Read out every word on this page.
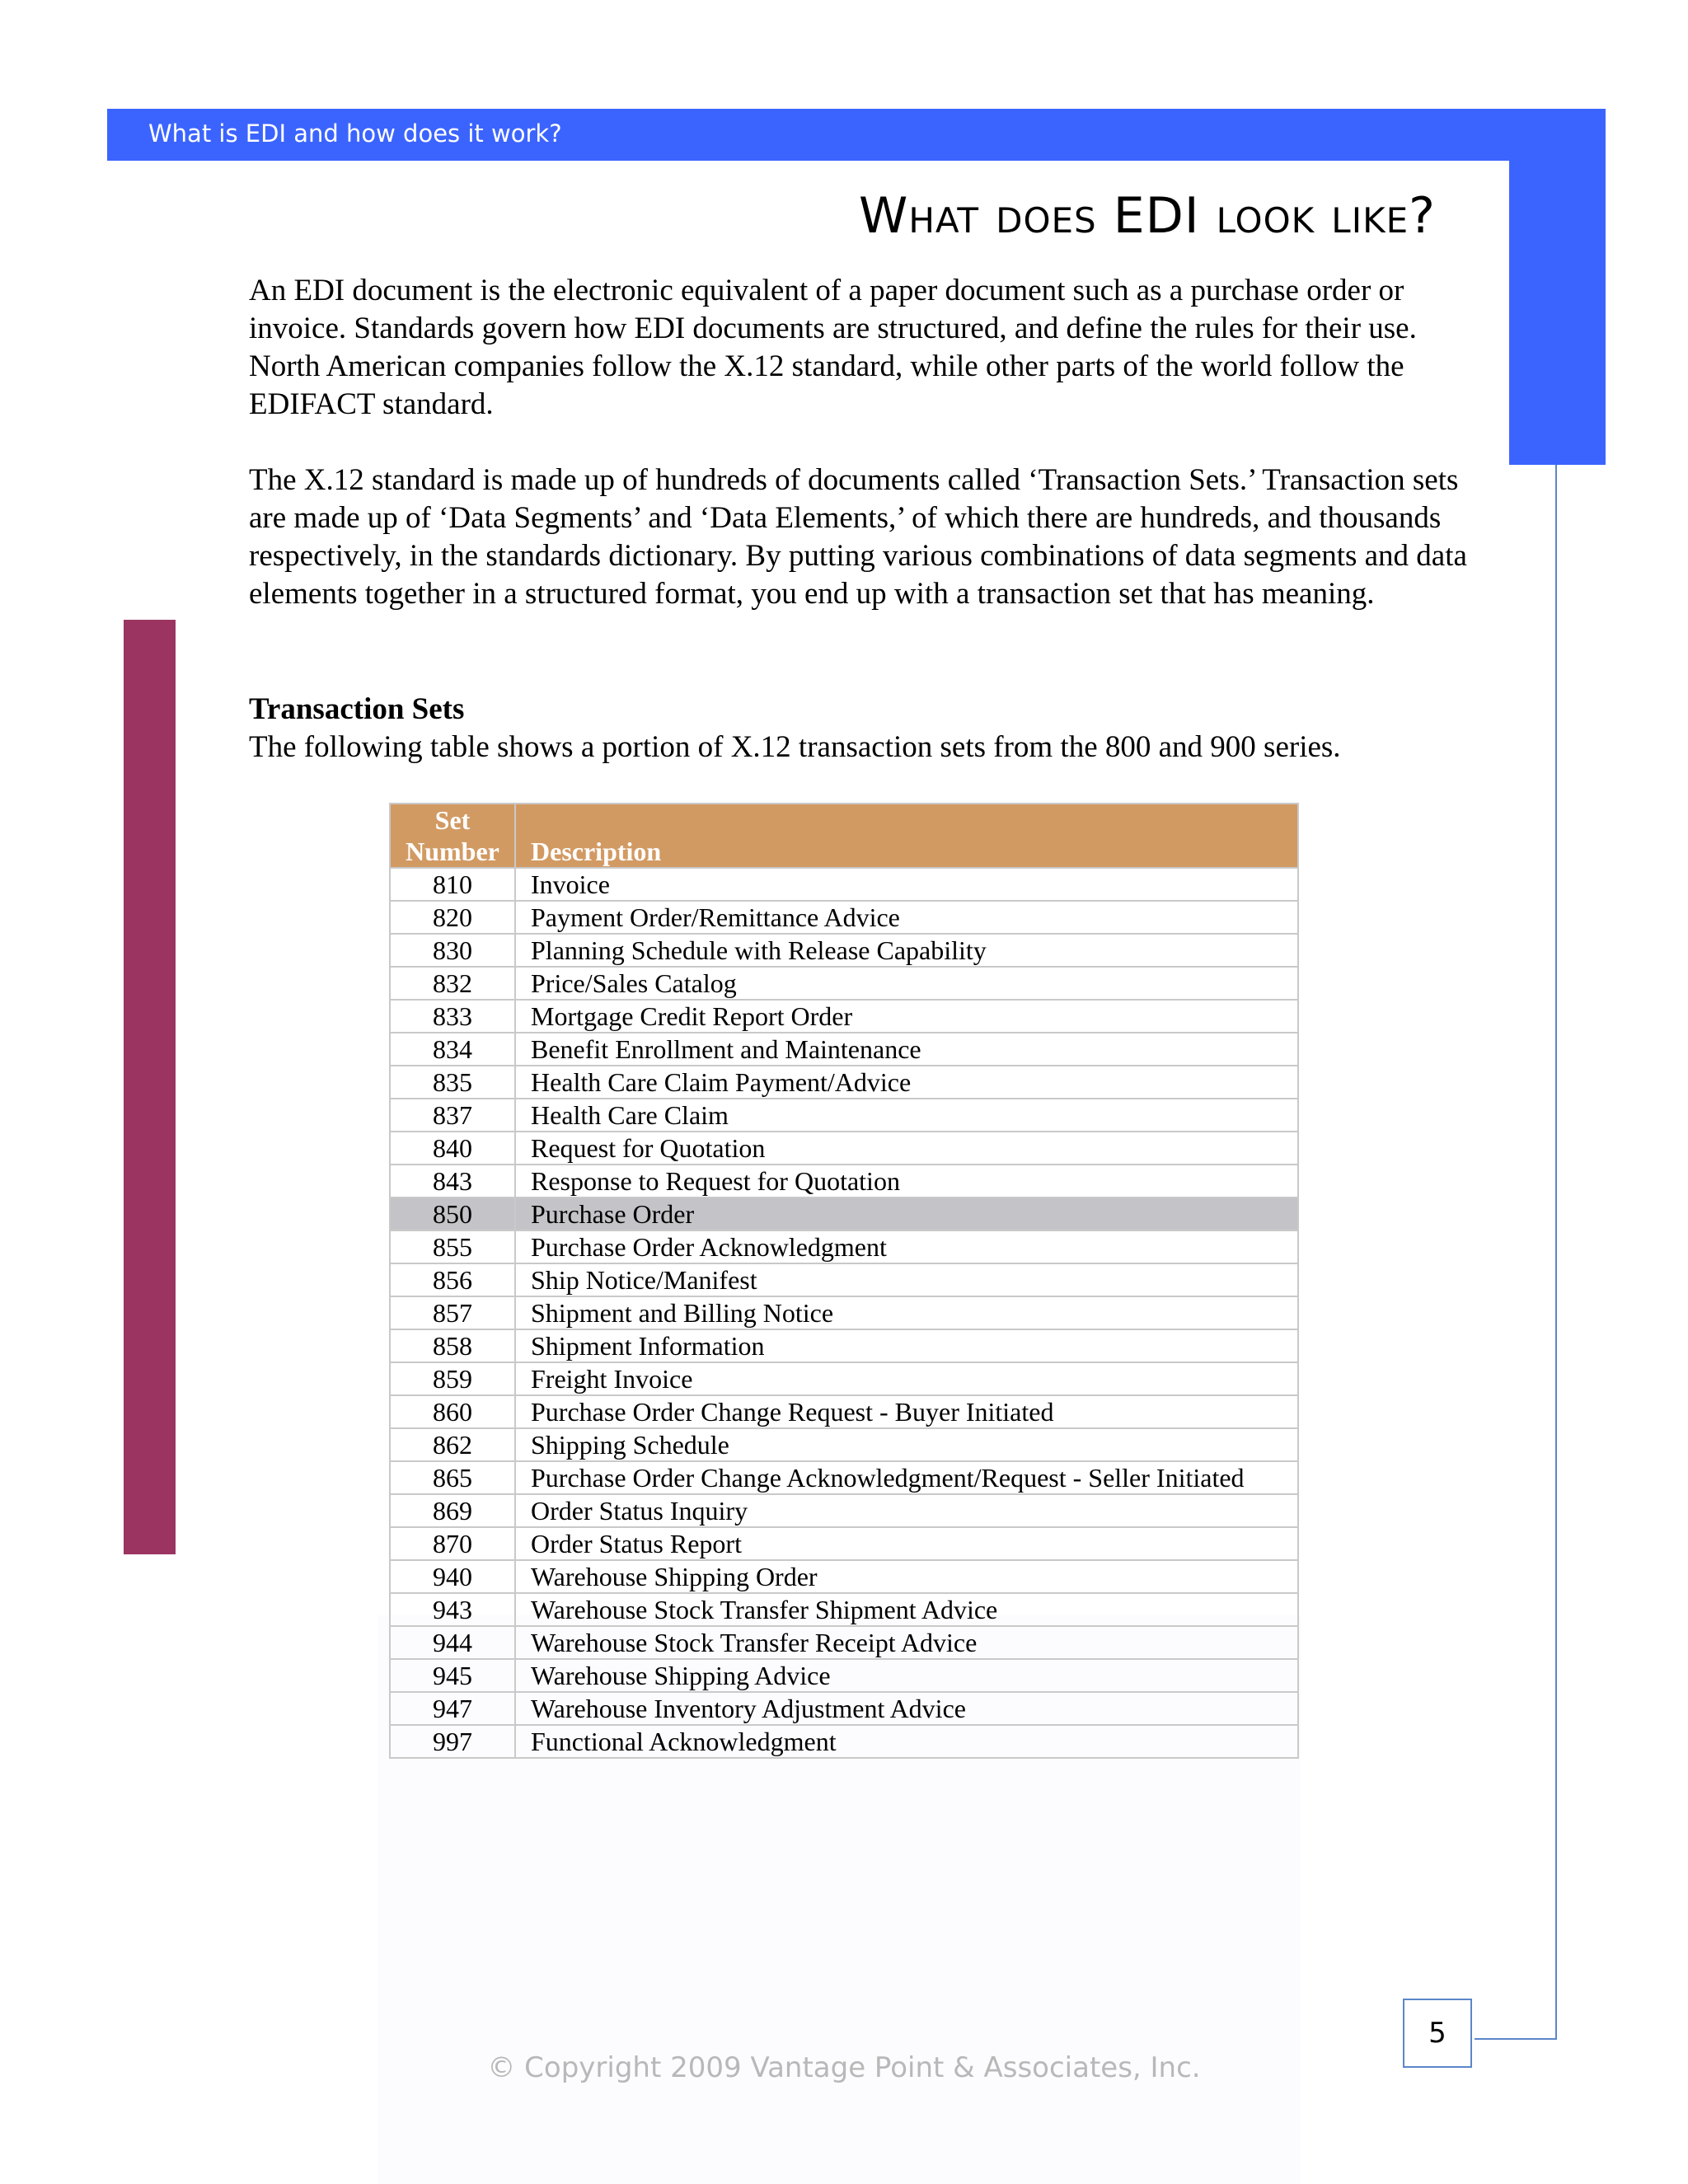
What is EDI and how does it work?
What does EDI look like?

An EDI document is the electronic equivalent of a paper document such as a purchase order or invoice. Standards govern how EDI documents are structured, and define the rules for their use. North American companies follow the X.12 standard, while other parts of the world follow the EDIFACT standard.

The X.12 standard is made up of hundreds of documents called ‘Transaction Sets.’ Transaction sets are made up of ‘Data Segments’ and ‘Data Elements,’ of which there are hundreds, and thousands respectively, in the standards dictionary. By putting various combinations of data segments and data elements together in a structured format, you end up with a transaction set that has meaning.

Transaction Sets

The following table shows a portion of X.12 transaction sets from the 800 and 900 series.

Set Number	Description
810	Invoice
820	Payment Order/Remittance Advice
830	Planning Schedule with Release Capability
832	Price/Sales Catalog
833	Mortgage Credit Report Order
834	Benefit Enrollment and Maintenance
835	Health Care Claim Payment/Advice
837	Health Care Claim
840	Request for Quotation
843	Response to Request for Quotation
850	Purchase Order
855	Purchase Order Acknowledgment
856	Ship Notice/Manifest
857	Shipment and Billing Notice
858	Shipment Information
859	Freight Invoice
860	Purchase Order Change Request - Buyer Initiated
862	Shipping Schedule
865	Purchase Order Change Acknowledgment/Request - Seller Initiated
869	Order Status Inquiry
870	Order Status Report
940	Warehouse Shipping Order
943	Warehouse Stock Transfer Shipment Advice
944	Warehouse Stock Transfer Receipt Advice
945	Warehouse Shipping Advice
947	Warehouse Inventory Adjustment Advice
997	Functional Acknowledgment
5
© Copyright 2009 Vantage Point & Associates, Inc.
